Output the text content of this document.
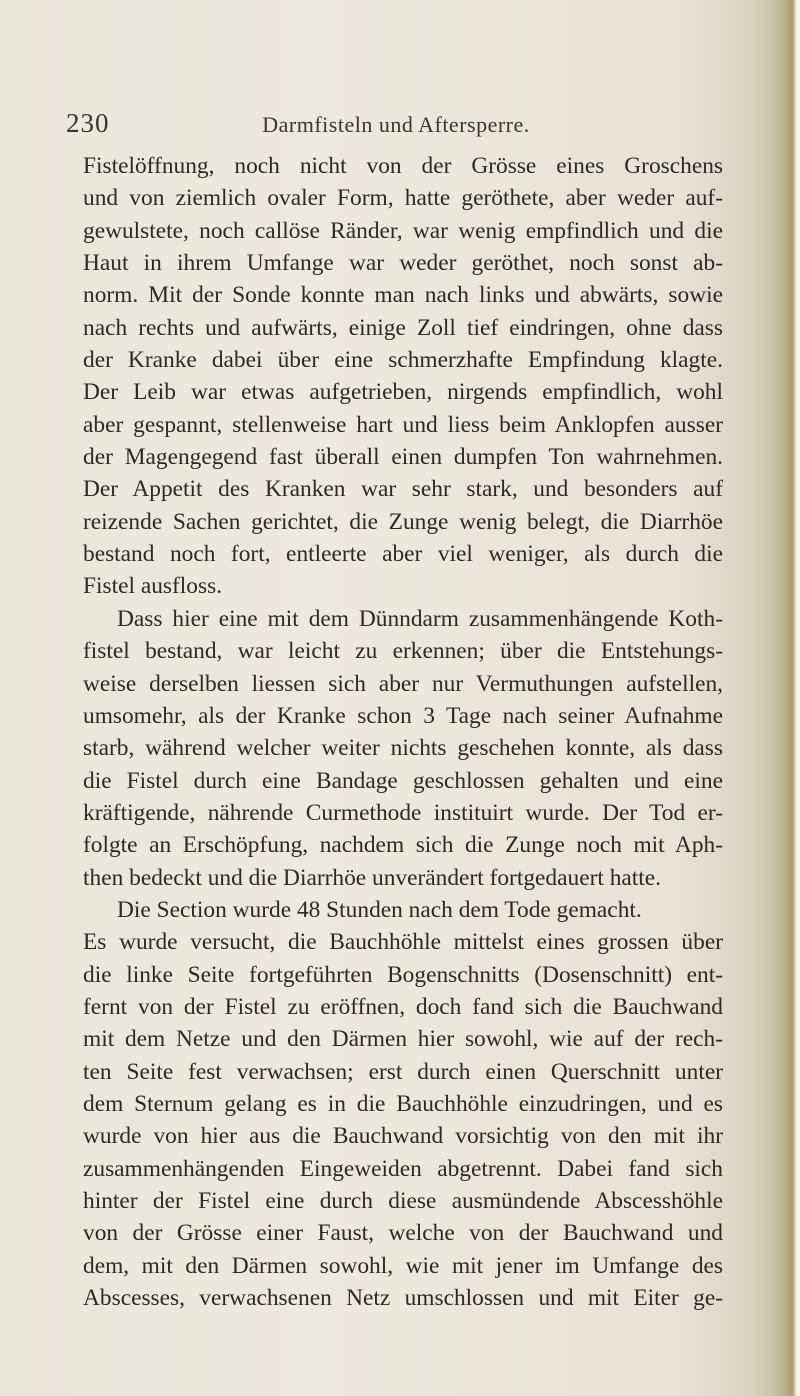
230	Darmfisteln und Aftersperre.
Fistelöffnung, noch nicht von der Grösse eines Groschens
und von ziemlich ovaler Form, hatte geröthete, aber weder auf-
gewulstete, noch callöse Ränder, war wenig empfindlich und die
Haut in ihrem Umfange war weder geröthet, noch sonst ab-
norm. Mit der Sonde konnte man nach links und abwärts, sowie
nach rechts und aufwärts, einige Zoll tief eindringen, ohne dass
der Kranke dabei über eine schmerzhafte Empfindung klagte.
Der Leib war etwas aufgetrieben, nirgends empfindlich, wohl
aber gespannt, stellenweise hart und liess beim Anklopfen ausser
der Magengegend fast überall einen dumpfen Ton wahrnehmen.
Der Appetit des Kranken war sehr stark, und besonders auf
reizende Sachen gerichtet, die Zunge wenig belegt, die Diarrhöe
bestand noch fort, entleerte aber viel weniger, als durch die
Fistel ausfloss.
Dass hier eine mit dem Dünndarm zusammenhängende Koth-
fistel bestand, war leicht zu erkennen; über die Entstehungs-
weise derselben liessen sich aber nur Vermuthungen aufstellen,
umsomehr, als der Kranke schon 3 Tage nach seiner Aufnahme
starb, während welcher weiter nichts geschehen konnte, als dass
die Fistel durch eine Bandage geschlossen gehalten und eine
kräftigende, nährende Curmethode instituirt wurde. Der Tod er-
folgte an Erschöpfung, nachdem sich die Zunge noch mit Aph-
then bedeckt und die Diarrhöe unverändert fortgedauert hatte.
Die Section wurde 48 Stunden nach dem Tode gemacht.
Es wurde versucht, die Bauchhöhle mittelst eines grossen über
die linke Seite fortgeführten Bogenschnitts (Dosenschnitt) ent-
fernt von der Fistel zu eröffnen, doch fand sich die Bauchwand
mit dem Netze und den Därmen hier sowohl, wie auf der rech-
ten Seite fest verwachsen; erst durch einen Querschnitt unter
dem Sternum gelang es in die Bauchhöhle einzudringen, und es
wurde von hier aus die Bauchwand vorsichtig von den mit ihr
zusammenhängenden Eingeweiden abgetrennt. Dabei fand sich
hinter der Fistel eine durch diese ausmündende Abscesshöhle
von der Grösse einer Faust, welche von der Bauchwand und
dem, mit den Därmen sowohl, wie mit jener im Umfange des
Abscesses, verwachsenen Netz umschlossen und mit Eiter ge-
